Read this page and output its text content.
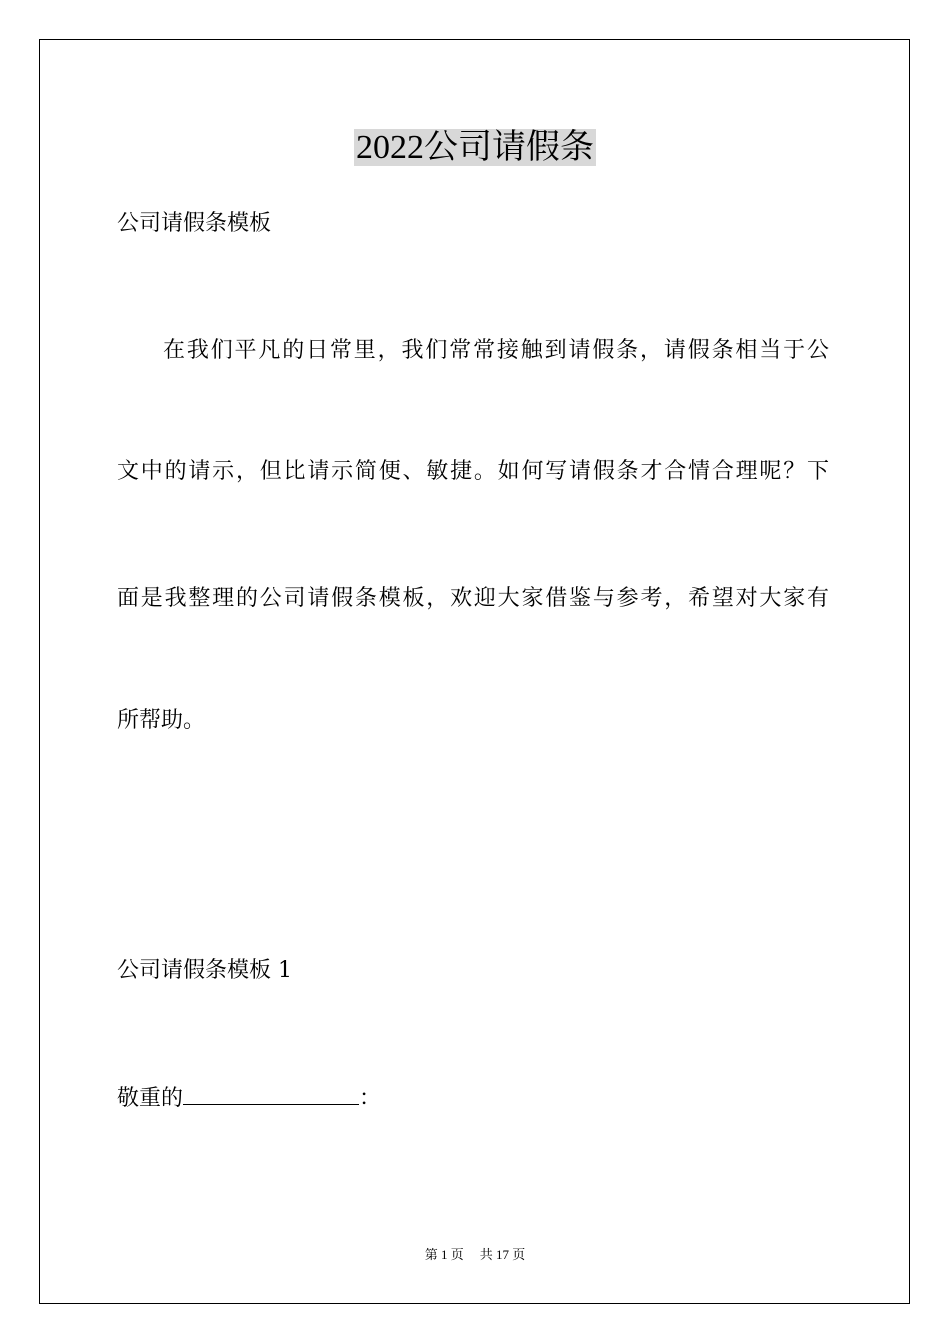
2022公司请假条
公司请假条模板
在我们平凡的日常里，我们常常接触到请假条，请假条相当于公
文中的请示，但比请示简便、敏捷。如何写请假条才合情合理呢？下
面是我整理的公司请假条模板，欢迎大家借鉴与参考，希望对大家有
所帮助。
公司请假条模板 1
敬重的	：
第 1 页 共 17 页
